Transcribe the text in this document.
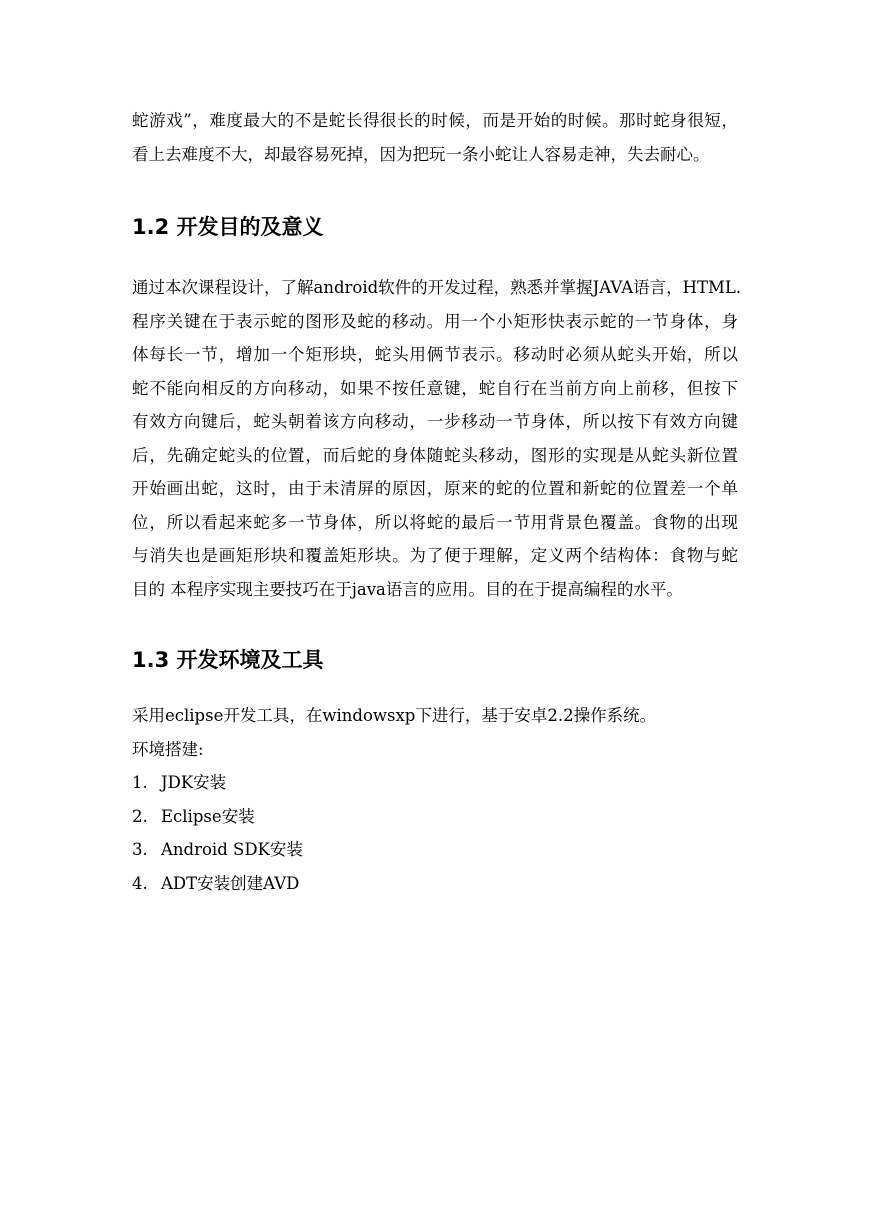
蛇游戏”，难度最大的不是蛇长得很长的时候，而是开始的时候。那时蛇身很短，
看上去难度不大，却最容易死掉，因为把玩一条小蛇让人容易走神，失去耐心。
1.2 开发目的及意义
通过本次课程设计，了解android软件的开发过程，熟悉并掌握JAVA语言，HTML.
程序关键在于表示蛇的图形及蛇的移动。用一个小矩形快表示蛇的一节身体，身
体每长一节，增加一个矩形块，蛇头用俩节表示。移动时必须从蛇头开始，所以
蛇不能向相反的方向移动，如果不按任意键，蛇自行在当前方向上前移，但按下
有效方向键后，蛇头朝着该方向移动，一步移动一节身体，所以按下有效方向键
后，先确定蛇头的位置，而后蛇的身体随蛇头移动，图形的实现是从蛇头新位置
开始画出蛇，这时，由于未清屏的原因，原来的蛇的位置和新蛇的位置差一个单
位，所以看起来蛇多一节身体，所以将蛇的最后一节用背景色覆盖。食物的出现
与消失也是画矩形块和覆盖矩形块。为了便于理解，定义两个结构体：食物与蛇
目的 本程序实现主要技巧在于java语言的应用。目的在于提高编程的水平。
1.3 开发环境及工具

采用eclipse开发工具，在windowsxp下进行，基于安卓2.2操作系统。

环境搭建:

1. JDK安装
2. Eclipse安装
3. Android SDK安装
4. ADT安装创建AVD
